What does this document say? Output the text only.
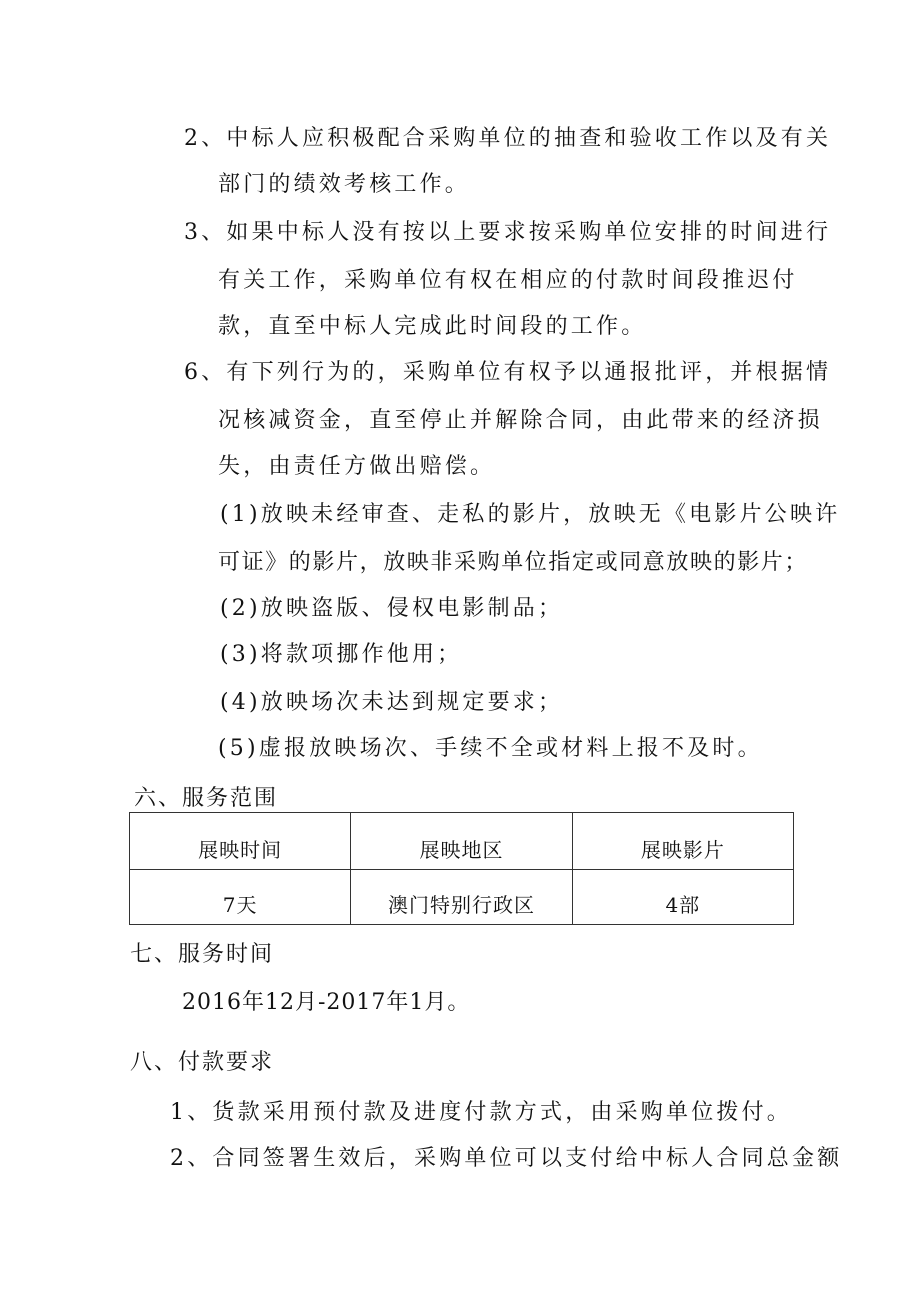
2、中标人应积极配合采购单位的抽查和验收工作以及有关
部门的绩效考核工作。
3、如果中标人没有按以上要求按采购单位安排的时间进行
有关工作，采购单位有权在相应的付款时间段推迟付
款，直至中标人完成此时间段的工作。
6、有下列行为的，采购单位有权予以通报批评，并根据情
况核减资金，直至停止并解除合同，由此带来的经济损
失，由责任方做出赔偿。
(1)放映未经审查、走私的影片，放映无《电影片公映许
可证》的影片，放映非采购单位指定或同意放映的影片；
(2)放映盗版、侵权电影制品；
(3)将款项挪作他用；
(4)放映场次未达到规定要求；
(5)虚报放映场次、手续不全或材料上报不及时。
六、服务范围
展映时间	展映地区	展映影片
7天	澳门特别行政区	4部
七、服务时间
2016年12月-2017年1月。
八、付款要求
1、货款采用预付款及进度付款方式，由采购单位拨付。
2、合同签署生效后，采购单位可以支付给中标人合同总金额
